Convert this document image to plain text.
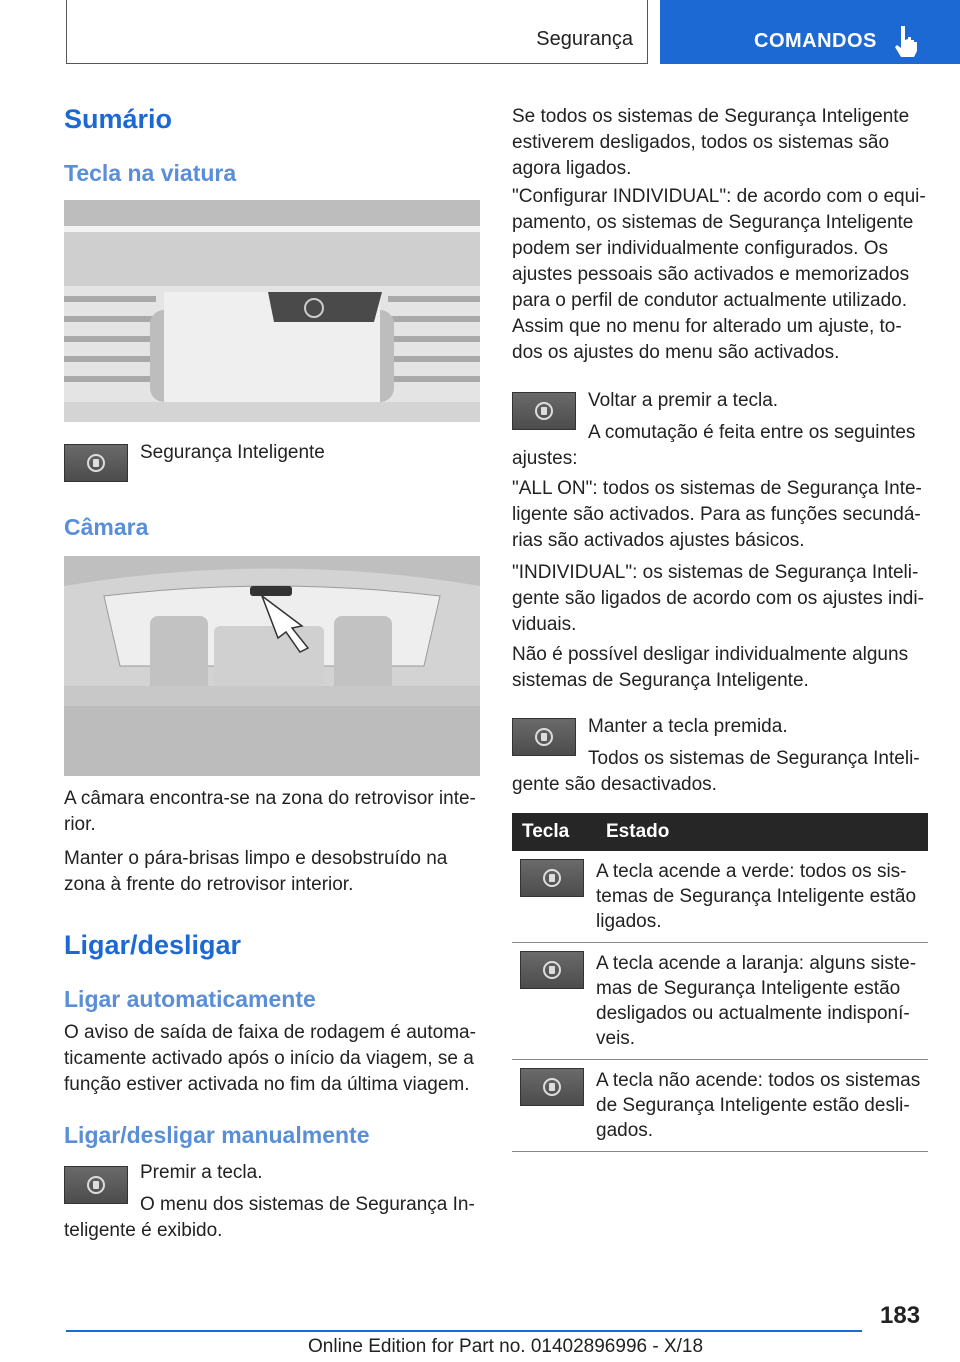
Segurança	COMANDOS
Sumário
Tecla na viatura
Segurança Inteligente
Câmara
A câmara encontra-se na zona do retrovisor inte-
rior.
Manter o pára-brisas limpo e desobstruído na
zona à frente do retrovisor interior.
Ligar/desligar
Ligar automaticamente
O aviso de saída de faixa de rodagem é automa-
ticamente activado após o início da viagem, se a
função estiver activada no fim da última viagem.
Ligar/desligar manualmente
Premir a tecla.
O menu dos sistemas de Segurança In-
teligente é exibido.
Se todos os sistemas de Segurança Inteligente
estiverem desligados, todos os sistemas são
agora ligados.
"Configurar INDIVIDUAL": de acordo com o equi-
pamento, os sistemas de Segurança Inteligente
podem ser individualmente configurados. Os
ajustes pessoais são activados e memorizados
para o perfil de condutor actualmente utilizado.
Assim que no menu for alterado um ajuste, to-
dos os ajustes do menu são activados.
Voltar a premir a tecla.
A comutação é feita entre os seguintes
ajustes:
"ALL ON": todos os sistemas de Segurança Inte-
ligente são activados. Para as funções secundá-
rias são activados ajustes básicos.
"INDIVIDUAL": os sistemas de Segurança Inteli-
gente são ligados de acordo com os ajustes indi-
viduais.
Não é possível desligar individualmente alguns
sistemas de Segurança Inteligente.
Manter a tecla premida.
Todos os sistemas de Segurança Inteli-
gente são desactivados.
Tecla	Estado

A tecla acende a verde: todos os sis-
temas de Segurança Inteligente estão
ligados.

A tecla acende a laranja: alguns siste-
mas de Segurança Inteligente estão
desligados ou actualmente indisponí-
veis.

A tecla não acende: todos os sistemas
de Segurança Inteligente estão desli-
gados.
183
Online Edition for Part no. 01402896996 - X/18
